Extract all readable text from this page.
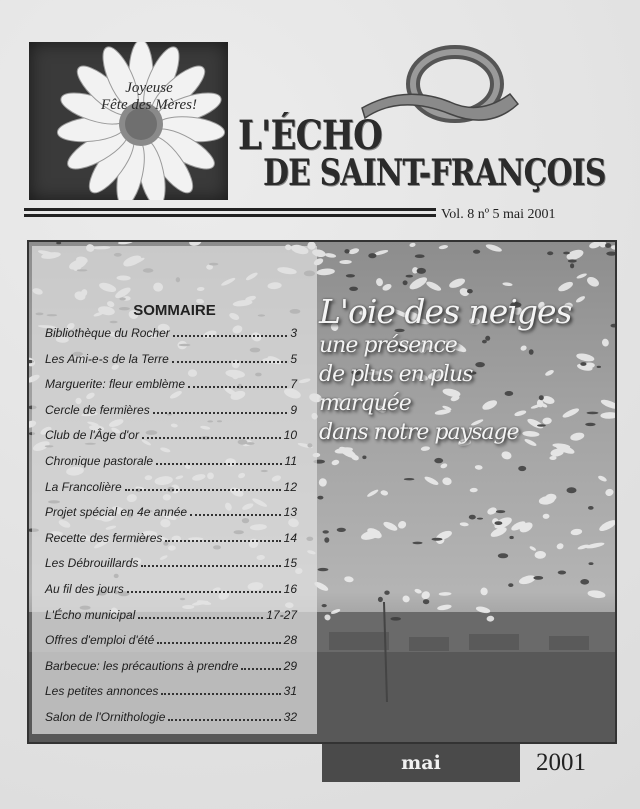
Joyeuse
Fête des Mères!
L'ÉCHO
DE SAINT-FRANÇOIS
Vol. 8 nº 5 mai 2001
SOMMAIRE
Bibliothèque du Rocher	3
Les Ami-e-s de la Terre	5
Marguerite: fleur emblème	7
Cercle de fermières	9
Club de l'Âge d'or	10
Chronique pastorale	11
La Francolière	12
Projet spécial en 4e année	13
Recette des fermières	14
Les Débrouillards	15
Au fil des jours	16
L'Écho municipal	17-27
Offres d'emploi d'été	28
Barbecue: les précautions à prendre	29
Les petites annonces	31
Salon de l'Ornithologie	32
L'oie des neiges
une présence
de plus en plus
marquée
dans notre paysage
mai	2001
